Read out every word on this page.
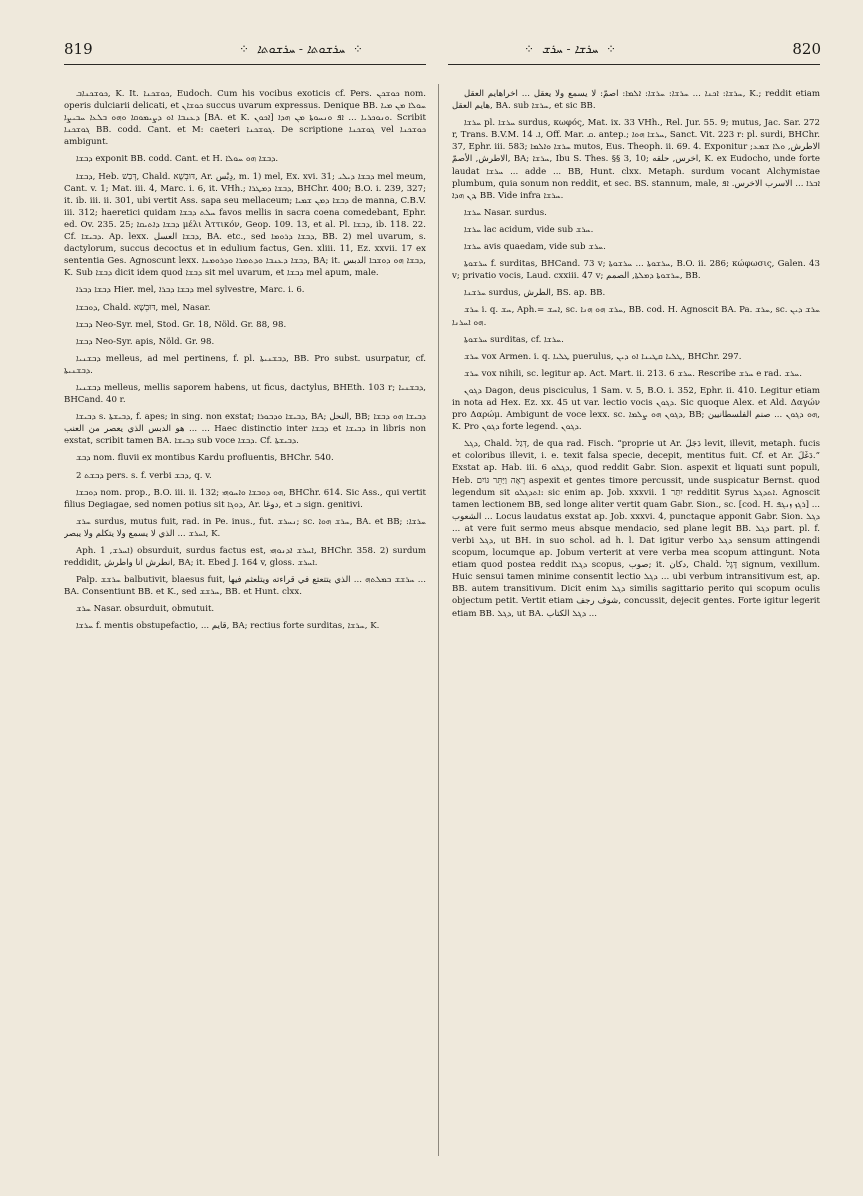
819	⁘ ܚܪܫܘܬܐ - ܚܪܫܘܬܐ ⁘	⁘ ܚܪܫܐ - ܚܪܫ ⁘	820

ܟܘܫܟܢܐܒ, K. It. ܟܘܫܟܢܐ, Eudoch. Cum his vocibus exoticis cf. Pers. ܟܘܫܟܢ nom. operis dulciarii delicati, et ܟܘܫܐܢ succus uvarum expressus. Denique BB. ܚܘܠܐ ܡܢ ܡܝܐ ܕܥܢܒܐ ܐܘ ܕܨܝܡܘܩܐ ܘܗܘ ܒܠܥܐ ܚܒܝܨܐ [BA. et K. ܐܟܘܢ] ܘܢܘܟܪܝܐ ... ܐܦ ܘܢܚܘܬܐ ܡܢ ܗܕܐ. Scribit ܓܘܫܟܢܐ BB. codd. Cant. et M: caeteri ܓܘܫܟܢܐ. De scriptione ܓܘܫܟܢܐ vel ܟܘܫܟܢܐ ambigunt.

ܕܒܫܐ exponit BB. codd. Cant. et H. ܕܒܫܐ ܗܘ ܚܘܠܐ.

ܕܒܫܐ, Heb. דְּבַשׁ, Chald. דּוּבְשָׁא, Ar. دِبْس, m. 1) mel, Ex. xvi. 31; ܕܒܫܐ ܕܝܠܝ mel meum, Cant. v. 1; Mat. iii. 4, Marc. i. 6, it. VHh.; ܕܒܫܐ ܕܡܛܪܐ, BHChr. 400; B.O. i. 239, 327; it. ib. iii. ii. 301, ubi vertit Ass. sapa seu mellaceum; ܕܒܫܐ ܕܡܢ ܫܡܝܐ de manna, C.B.V. iii. 312; haeretici quidam ܚܠܬ ܕܒܫܐ favos mellis in sacra coena comedebant, Ephr. ed. Ov. 235. 25; ܕܒܫܐ ܕܐܬܝܩܐ μέλι Ἀττικόν, Geop. 109. 13, et al. Pl. ܕܒܫܐ, ib. 118. 22. Cf. ܕܒܝܫܐ. Ap. lexx. ܕܒܫܐ العسل, BA. etc., sed ܕܒܫܐ ܕܪܘܡܐ, BB. 2) mel uvarum, s. dactylorum, succus decoctus et in edulium factus, Gen. xliii. 11, Ez. xxvii. 17 ex sententia Ges. Agnoscunt lexx. ܕܒܫܐ ܕܥܢܒܐ ܘܕܬܡܪܐ ܘܕܪܘܡܢܐ, BA; it. ܕܒܫܐ ܗܘ ܕܘܫܒܐ الدبس, K. Sub ܕܒܫܐ dicit idem quod ܕܒܫܐ sit mel uvarum, et ܕܒܫܐ mel apum, male.

ܕܒܫܐ ܕܒܪܐ Hier. mel, ܕܒܫܐ ܕܒܪܐ mel sylvestre, Marc. i. 6.

ܕܘܒܫܐ, Chald. דּוּבְשָׁא, mel, Nasar.

ܕܒܫܐ Neo-Syr. mel, Stod. Gr. 18, Nöld. Gr. 88, 98.

ܕܒܫܐ Neo-Syr. apis, Nöld. Gr. 98.

ܕܒܫܢܝܐ melleus, ad mel pertinens, f. pl. ܕܒܫܢܝܬܐ, BB. Pro subst. usurpatur, cf. ܕܒܫܢܝܬܐ.

ܕܒܫܢܝܐ melleus, mellis saporem habens, ut ficus, dactylus, BHEth. 103 r; ܕܒܫܢܝܐ, BHCand. 40 r.

ܕܒܝܫܐ s. ܕܒܝܫܬܐ, f. apes; in sing. non exstat; ܕܒܝܫܐ ܘܕܒܘܪܐ, BA; النحل, BB; ܕܒܝܫܐ ܗܘ ܕܒܫܐ ... هو الدبس الذي يعصر من العنب ... Haec distinctio inter ܕܒܫܐ et ܕܒܝܫܐ in libris non exstat, scribit tamen BA. ܕܒܝܫܐ sub voce ܕܒܫܐ. Cf. ܕܒܝܫܬܐ.

ܕܒܫ nom. fluvii ex montibus Kardu profluentis, BHChr. 540.

ܕܒܫܬ 2 pers. s. f. verbi ܕܒܫ, q. v.

ܕܘܒܫܐ nom. prop., B.O. iii. ii. 132; ܗܘ ܕܘܒܫܐ ܘܐܚܘܗܝ, BHChr. 614. Sic Ass., qui vertit filius Degiagae, sed nomen potius sit ܕܘܓܐ, Ar. ﺩﻭﻏﺎ, et ܒ sign. genitivi.

ܚܪܫ surdus, mutus fuit, rad. in Pe. inus., fut. ܢܚܪܫ; sc. ܚܪܫ ܗܘܐ, BA. et BB; ܚܪܫܐ: ܐܚܪܫ ... الذي لا يسمع ولا يتكلم ولا يبصر, K.

Aph. ܐܚܪܫ, 1) obsurduit, surdus factus est, ܐܚܪܫ ܐܕܢܘܗܝ, BHChr. 358. 2) surdum reddidit, انطرش انا واطرش, BA; it. Ebed J. 164 v, gloss. ܐܚܪܫ.

Palp. ܚܪܫܫ balbutivit, blaesus fuit, ܚܪܫܫ ܒܡܠܬܗ ... الذي يتتعتع في قراءته ويتلعثم فيها ... BA. Consentiunt BB. et K., sed ܚܪܫܫ, BB. et Hunt. clxx.

ܚܪܫ Nasar. obsurduit, obmutuit.

ܚܪܫܐ f. mentis obstupefactio, ... قايم, BA; rectius forte surditas, ܚܪܫܐ, K.

ܚܪܫܐ: ܐܟܢܐ ... ܚܪܫܐ: ܚܪܫܐ: ܐܠܡܐ: اصمّ: لا يسمع ولا يعقل ... اخراهايم العقل, K.; reddit etiam هايم العقل, BA. sub ܚܪܫܐ, et sic BB.

ܚܪܫܐ pl. ܚܪܫܐ surdus, κωφός, Mat. ix. 33 VHh., Rel. Jur. 55. 9; mutus, Jac. Sar. 272 r, Trans. B.V.M. ܐ. 14, Off. Mar. ܩ. antep.; ܚܪܫܐ ܗܘܐ, Sanct. Vit. 223 r: pl. surdi, BHChr. 37, Ephr. iii. 583; ܚܪܫܐ ܘܐܠܡܐ mutos, Eus. Theoph. ii. 69. 4. Exponitur الاطرش, ܘܠܐ ܫܡܥ; الاطرش, الأصمّ, BA; ܚܪܫܐ, Ibu S. Thes. §§ 3, 10; اخرس, حلقه, K. ex Eudocho, unde forte laudat ܚܪܫܐ ... adde ... BB, Hunt. clxx. Metaph. surdum vocant Alchymistae plumbum, quia sonum non reddit, et sec. BS. stannum, male, ܐܒܪܐ ... الاسرب الاخرس. ܐܦ ܕܢ ܗܕܐ, BB. Vide infra ܚܪܫܐ.

ܚܪܫܐ Nasar. surdus.

ܚܪܫܐ lac acidum, vide sub ܚܪܫ.

ܚܪܫܐ avis quaedam, vide sub ܚܪܫ.

ܚܪܫܘܬܐ f. surditas, BHCand. 73 v; ܚܪܫܘܬܐ ... ܚܪܫܘܬܐ, B.O. ii. 286; κώφωσις, Galen. 43 v; privatio vocis, Laud. cxxiii. 47 v; ܚܪܫܘܬܐ ܕܡܠܬܐ, الصمم, BB.

ܚܪܫܢܐ surdus, الطرش, BS. ap. BB.

ܚܪܫ i. q. ܚܫ, Aph.= ܐܚܫ, sc. ܚܪܫ ܗܘ ܗܢܐ, BB. cod. H. Agnoscit BA. Pa. ܚܪܫ, sc. ܚܪܫ ܕܝܢ ܗܘ ܐܚܪܢܐ.

ܚܪܫܘܬܐ surditas, cf. ܚܪܫܐ.

ܚܪܫ vox Armen. i. q. ܛܠܝܐ puerulus, ܛܠܝܐ ܩܛܝܢܐ ܐܘ ܕܝܢ, BHChr. 297.

ܚܪܫ vox nihili, sc. legitur ap. Act. Mart. ii. 213. 6 ܚܪܫ. Rescribe ܚܪܫ e rad. ܚܪܫ.

ܕܓܘܢ Dagon, deus pisciculus, 1 Sam. v. 5, B.O. i. 352, Ephr. ii. 410. Legitur etiam in nota ad Hex. Ez. xx. 45 ut var. lectio vocis ܕܓܘܢ. Sic quoque Alex. et Ald. Δαγών pro Δαρώμ. Ambigunt de voce lexx. sc. ܕܓܘܢ ܗܘ ܨܠܡܐ, BB; ܗܘ ܕܓܘܢ ... صنم الفلسطانيين, K. Pro ܕܓܘܢ forte legend. ܕܓܘܢ.

ܕܓܠ, Chald. דְּגַל, de qua rad. Fisch. “proprie ut Ar. دَجَلَ levit, illevit, metaph. fucis et coloribus illevit, i. e. texit falsa specie, decepit, mentitus fuit. Cf. et Ar. دَغَلَ.” Exstat ap. Hab. iii. 6 ܕܓܠܘ, quod reddit Gabr. Sion. aspexit et liquati sunt populi, Heb. רָאָה וַיַּתֵּר גּוֹיִם aspexit et gentes timore percussit, unde suspicatur Bernst. quod legendum sit ܐܬܕܓܠܘ: sic enim ap. Job. xxxvii. 1 יִתַּר redditit Syrus ܐܬܕܓܠ. Agnoscit tamen lectionem BB, sed longe aliter vertit quam Gabr. Sion., sc. [cod. H. ܪܓܙ ܙܢܓܦ] ... الشعوب ... Locus laudatus exstat ap. Job. xxxvi. 4, punctaque apponit Gabr. Sion. ܕܓܠ ... at vere fuit sermo meus absque mendacio, sed plane legit BB. ܕܓܠ part. pl. f. verbi ܕܓܠ, ut BH. in suo schol. ad h. l. Dat igitur verbo ܕܓܠ sensum attingendi scopum, locumque ap. Jobum verterit at vere verba mea scopum attingunt. Nota etiam quod postea reddit ܕܓܠܐ scopus, صوب; it. دكان, Chald. דֶּגֶל signum, vexillum. Huic sensui tamen minime consentit lectio ܕܓܠ ... ubi verbum intransitivum est, ap. BB. autem transitivum. Dicit enim ܕܓܠ similis sagittario perito qui scopum oculis objectum petit. Vertit etiam شوف رجف, concussit, dejecit gentes. Forte igitur legerit etiam BB. ܕܓܠ, ut BA. ܕܓܠ الكتاب ...
